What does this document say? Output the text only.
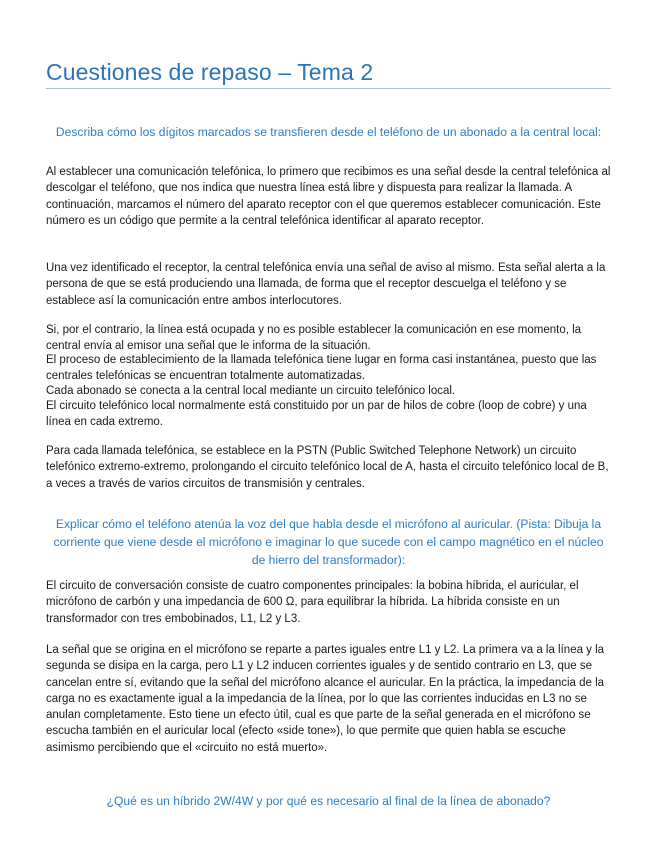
Cuestiones de repaso – Tema 2

Describa cómo los dígitos marcados se transfieren desde el teléfono de un abonado a la central local:

Al establecer una comunicación telefónica, lo primero que recibimos es una señal desde la central telefónica al descolgar el teléfono, que nos indica que nuestra línea está libre y dispuesta para realizar la llamada. A continuación, marcamos el número del aparato receptor con el que queremos establecer comunicación. Este número es un código que permite a la central telefónica identificar al aparato receptor.

Una vez identificado el receptor, la central telefónica envía una señal de aviso al mismo. Esta señal alerta a la persona de que se está produciendo una llamada, de forma que el receptor descuelga el teléfono y se establece así la comunicación entre ambos interlocutores.

Si, por el contrario, la línea está ocupada y no es posible establecer la comunicación en ese momento, la central envía al emisor una señal que le informa de la situación.

El proceso de establecimiento de la llamada telefónica tiene lugar en forma casi instantánea, puesto que las centrales telefónicas se encuentran totalmente automatizadas.

Cada abonado se conecta a la central local mediante un circuito telefónico local.

El circuito telefónico local normalmente está constituido por un par de hilos de cobre (loop de cobre) y una línea en cada extremo.

Para cada llamada telefónica, se establece en la PSTN (Public Switched Telephone Network) un circuito telefónico extremo-extremo, prolongando el circuito telefónico local de A, hasta el circuito telefónico local de B, a veces a través de varios circuitos de transmisión y centrales.

Explicar cómo el teléfono atenúa la voz del que habla desde el micrófono al auricular. (Pista: Dibuja la corriente que viene desde el micrófono e imaginar lo que sucede con el campo magnético en el núcleo de hierro del transformador):

El circuito de conversación consiste de cuatro componentes principales: la bobina híbrida, el auricular, el micrófono de carbón y una impedancia de 600 Ω, para equilibrar la híbrida. La híbrida consiste en un transformador con tres embobinados, L1, L2 y L3.

La señal que se origina en el micrófono se reparte a partes iguales entre L1 y L2. La primera va a la línea y la segunda se disipa en la carga, pero L1 y L2 inducen corrientes iguales y de sentido contrario en L3, que se cancelan entre sí, evitando que la señal del micrófono alcance el auricular. En la práctica, la impedancia de la carga no es exactamente igual a la impedancia de la línea, por lo que las corrientes inducidas en L3 no se anulan completamente. Esto tiene un efecto útil, cual es que parte de la señal generada en el micrófono se escucha también en el auricular local (efecto «side tone»), lo que permite que quien habla se escuche asimismo percibiendo que el «circuito no está muerto».

¿Qué es un híbrido 2W/4W y por qué es necesario al final de la línea de abonado?
